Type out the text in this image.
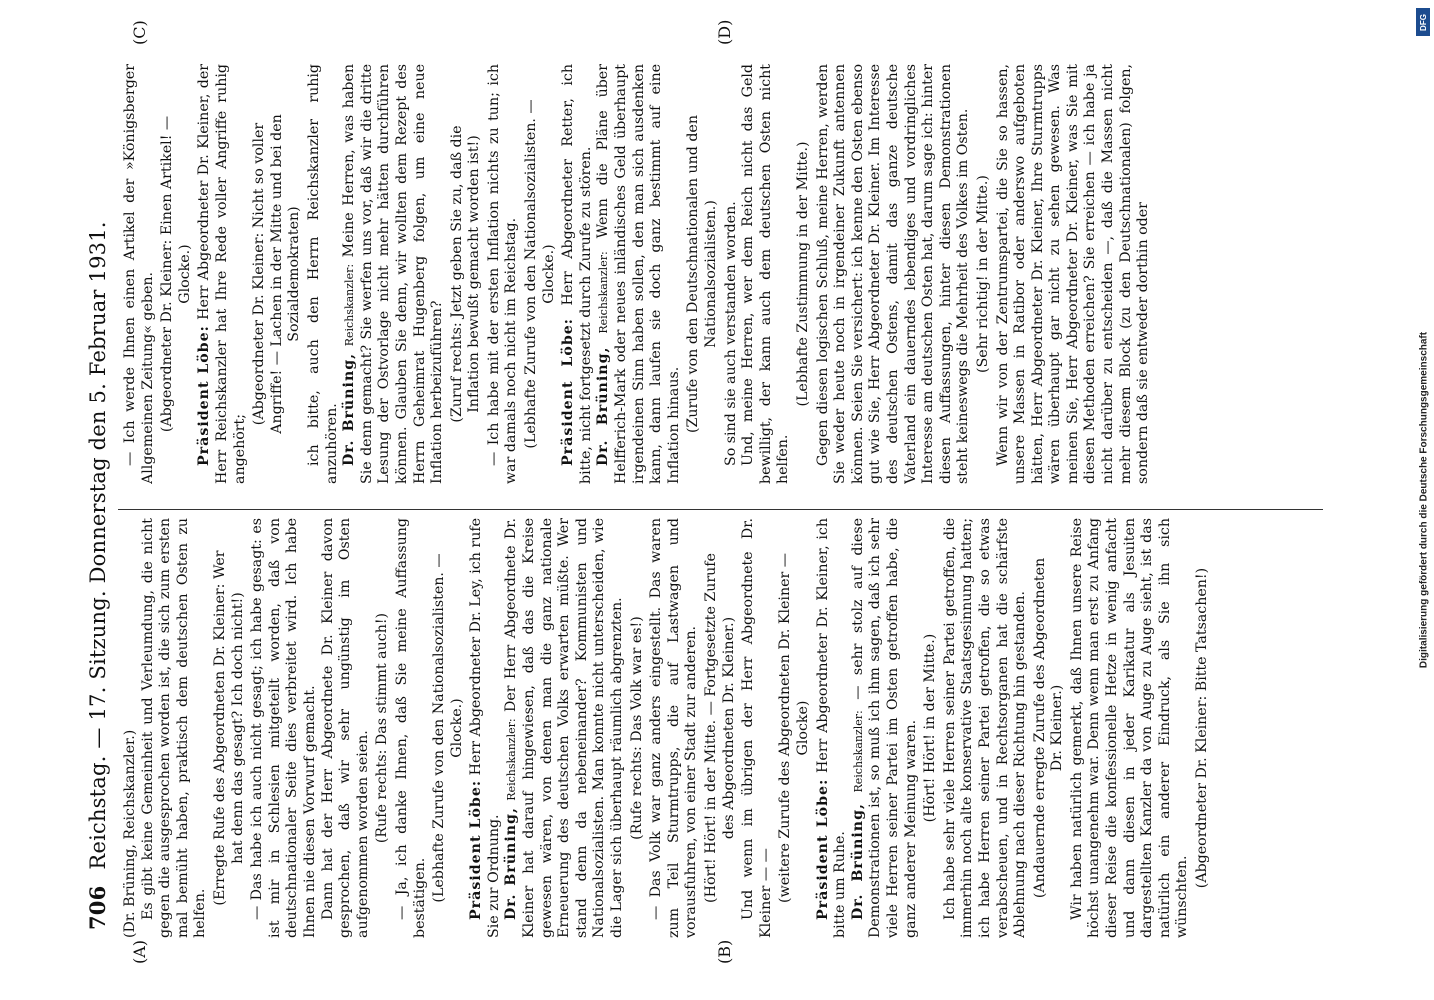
706
Reichstag. — 17. Sitzung. Donnerstag den 5. Februar 1931.
(A)	(B)
(C)	(D)

(Dr. Brüning, Reichskanzler.) Es gibt keine Gemeinheit und Verleumdung, die nicht gegen die ausgesprochen worden ist, die sich zum ersten mal bemüht haben, praktisch dem deutschen Osten zu helfen.

(Erregte Rufe des Abgeordneten Dr. Kleiner: Wer hat denn das gesagt? Ich doch nicht!) — Das habe ich auch nicht gesagt; ich habe gesagt: es ist mir in Schlesien mitgeteilt worden, daß von deutschnationaler Seite dies verbreitet wird. Ich habe Ihnen nie diesen Vorwurf gemacht. Dann hat der Herr Abgeordnete Dr. Kleiner davon gesprochen, daß wir sehr ungünstig im Osten aufgenommen worden seien. (Rufe rechts: Das stimmt auch!) — Ja, ich danke Ihnen, daß Sie meine Auffassung bestätigen. (Lebhafte Zurufe von den Nationalsozialisten. — Glocke.)

Präsident Löbe: Herr Abgeordneter Dr. Ley, ich rufe Sie zur Ordnung. Dr. Brüning, Reichskanzler: Der Herr Abgeordnete Dr. Kleiner hat darauf hingewiesen, daß das die Kreise gewesen wären, von denen man die ganz nationale Erneuerung des deutschen Volks erwarten müßte. Wer stand denn da nebeneinander? Kommunisten und Nationalsozialisten. Man konnte nicht unterscheiden, wie die Lager sich überhaupt räumlich abgrenzten. (Rufe rechts: Das Volk war es!) — Das Volk war ganz anders eingestellt. Das waren zum Teil Sturmtrupps, die auf Lastwagen und vorausfuhren, von einer Stadt zur anderen. (Hört! Hört! in der Mitte. — Fortgesetzte Zurufe des Abgeordneten Dr. Kleiner.) Und wenn im übrigen der Herr Abgeordnete Dr. Kleiner — — (weitere Zurufe des Abgeordneten Dr. Kleiner — Glocke)

Präsident Löbe: Herr Abgeordneter Dr. Kleiner, ich bitte um Ruhe. Dr. Brüning, Reichskanzler: — sehr stolz auf diese Demonstrationen ist, so muß ich ihm sagen, daß ich sehr viele Herren seiner Partei im Osten getroffen habe, die ganz anderer Meinung waren. (Hört! Hört! in der Mitte.) Ich habe sehr viele Herren seiner Partei getroffen, die immerhin noch alte konservative Staatsgesinnung hatten; ich habe Herren seiner Partei getroffen, die so etwas verabscheuen, und in Rechtsorganen hat die schärfste Ablehnung nach dieser Richtung hin gestanden. (Andauernde erregte Zurufe des Abgeordneten Dr. Kleiner.) Wir haben natürlich gemerkt, daß Ihnen unsere Reise höchst unangenehm war. Denn wenn man erst zu Anfang dieser Reise die konfessionelle Hetze in wenig anfacht und dann diesen in jeder Karikatur als Jesuiten dargestellten Kanzler da von Auge zu Auge sieht, ist das natürlich ein anderer Eindruck, als Sie ihn sich wünschten.

(Abgeordneter Dr. Kleiner: Bitte Tatsachen!)

— Ich werde Ihnen einen Artikel der »Königsberger Allgemeinen Zeitung« geben. (Abgeordneter Dr. Kleiner: Einen Artikel! — Glocke.)

Präsident Löbe: Herr Abgeordneter Dr. Kleiner, der Herr Reichskanzler hat Ihre Rede voller Angriffe ruhig angehört;

(Abgeordneter Dr. Kleiner: Nicht so voller Angriffe! — Lachen in der Mitte und bei den Sozialdemokraten) ich bitte, auch den Herrn Reichskanzler ruhig anzuhören. Dr. Brüning, Reichskanzler: Meine Herren, was haben Sie denn gemacht? Sie werfen uns vor, daß wir die dritte Lesung der Ostvorlage nicht mehr hätten durchführen können. Glauben Sie denn, wir wollten dem Rezept des Herrn Geheimrat Hugenberg folgen, um eine neue Inflation herbeizuführen? (Zuruf rechts: Jetzt geben Sie zu, daß die Inflation bewußt gemacht worden ist!) — Ich habe mit der ersten Inflation nichts zu tun; ich war damals noch nicht im Reichstag. (Lebhafte Zurufe von den Nationalsozialisten. — Glocke.)

Präsident Löbe: Herr Abgeordneter Retter, ich bitte, nicht fortgesetzt durch Zurufe zu stören. Dr. Brüning, Reichskanzler: Wenn die Pläne über Helfferich-Mark oder neues inländisches Geld überhaupt irgendeinen Sinn haben sollen, den man sich ausdenken kann, dann laufen sie doch ganz bestimmt auf eine Inflation hinaus. (Zurufe von den Deutschnationalen und den Nationalsozialisten.) So sind sie auch verstanden worden. Und, meine Herren, wer dem Reich nicht das Geld bewilligt, der kann auch dem deutschen Osten nicht helfen.

(Lebhafte Zustimmung in der Mitte.) Gegen diesen logischen Schluß, meine Herren, werden Sie weder heute noch in irgendeiner Zukunft antennen können. Seien Sie versichert: ich kenne den Osten ebenso gut wie Sie, Herr Abgeordneter Dr. Kleiner. Im Interesse des deutschen Ostens, damit das ganze deutsche Vaterland ein dauerndes lebendiges und vordringliches Interesse am deutschen Osten hat, darum sage ich: hinter diesen Auffassungen, hinter diesen Demonstrationen steht keineswegs die Mehrheit des Volkes im Osten. (Sehr richtig! in der Mitte.) Wenn wir von der Zentrumspartei, die Sie so hassen, unsere Massen in Ratibor oder anderswo aufgeboten hätten, Herr Abgeordneter Dr. Kleiner, Ihre Sturmtrupps wären überhaupt gar nicht zu sehen gewesen. Was meinen Sie, Herr Abgeordneter Dr. Kleiner, was Sie mit diesen Methoden erreichen? Sie erreichen — ich habe ja nicht darüber zu entscheiden —, daß die Massen nicht mehr diesem Block (zu den Deutschnationalen) folgen, sondern daß sie entweder dorthin oder

DFG
Digitalisierung gefördert durch die Deutsche Forschungsgemeinschaft
